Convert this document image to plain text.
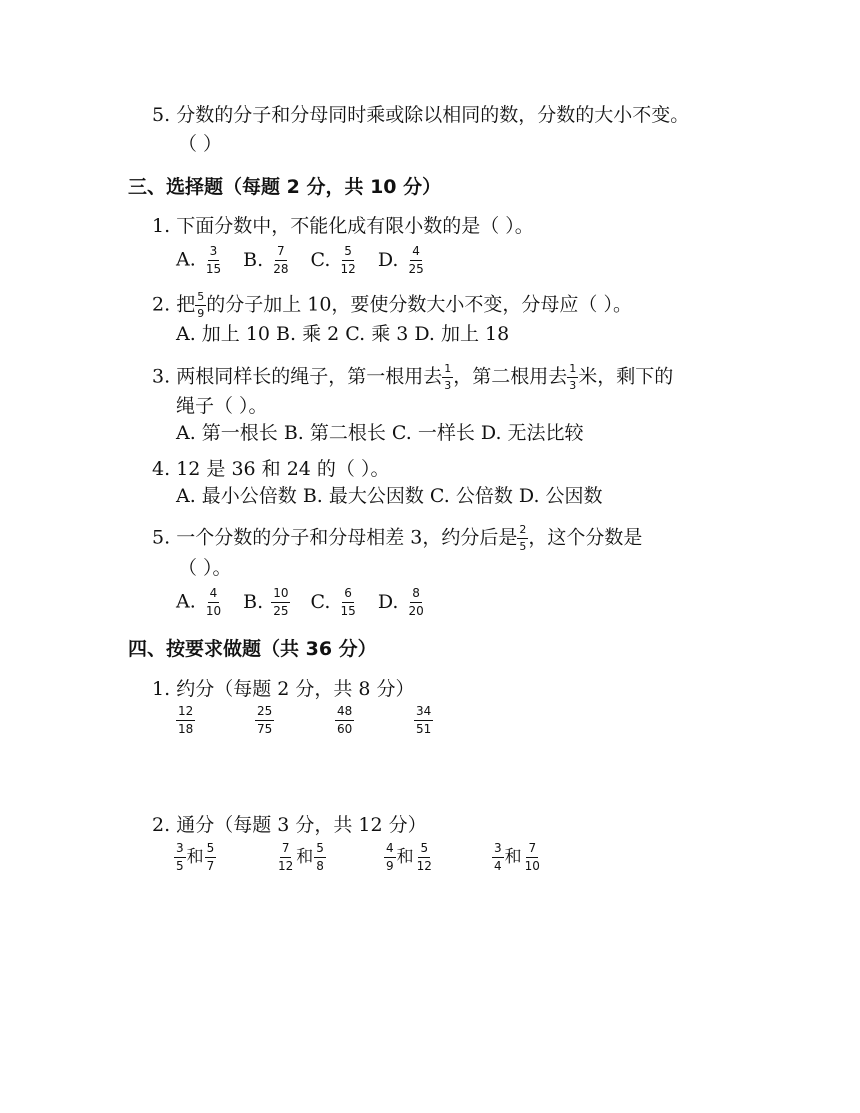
5. 分数的分子和分母同时乘或除以相同的数，分数的大小不变。
（ ）
三、选择题（每题 2 分，共 10 分）
1. 下面分数中，不能化成有限小数的是（ ）。
A. $\frac{3}{15} B$. $\frac{7}{28} C$. $\frac{5}{12} D$. $\frac{4}{25}$
2. 把 $\frac{5}{9}$ 的分子加上 10，要使分数大小不变，分母应（ ）。
A. 加上 10 B. 乘 2 C. 乘 3 D. 加上 18
3. 两根同样长的绳子，第一根用去 $\frac{1}{3}$ ，第二根用去 $\frac{1}{3}$ 米，剩下的
绳子（ ）。
A. 第一根长 B. 第二根长 C. 一样长 D. 无法比较
4. 12 是 36 和 24 的（ ）。
A. 最小公倍数 B. 最大公因数 C. 公倍数 D. 公因数
5. 一个分数的分子和分母相差 3，约分后是 $\frac{2}{5}$ ，这个分数是
（ ）。
A. $\frac{4}{10} B$. $\frac{10}{25} C$. $\frac{6}{15} D$. $\frac{8}{20}$
四、按要求做题（共 36 分）
1. 约分（每题 2 分，共 8 分）
$\frac{12}{18}$	$\frac{25}{75}$	$\frac{48}{60}$	$\frac{34}{51}$
2. 通分（每题 3 分，共 12 分）
$\frac{3}{5}$ 和 $\frac{5}{7}$	$\frac{7}{12}$ 和 $\frac{5}{8}$	$\frac{4}{9}$ 和 $\frac{5}{12}$	$\frac{3}{4}$ 和 $\frac{7}{10}$
